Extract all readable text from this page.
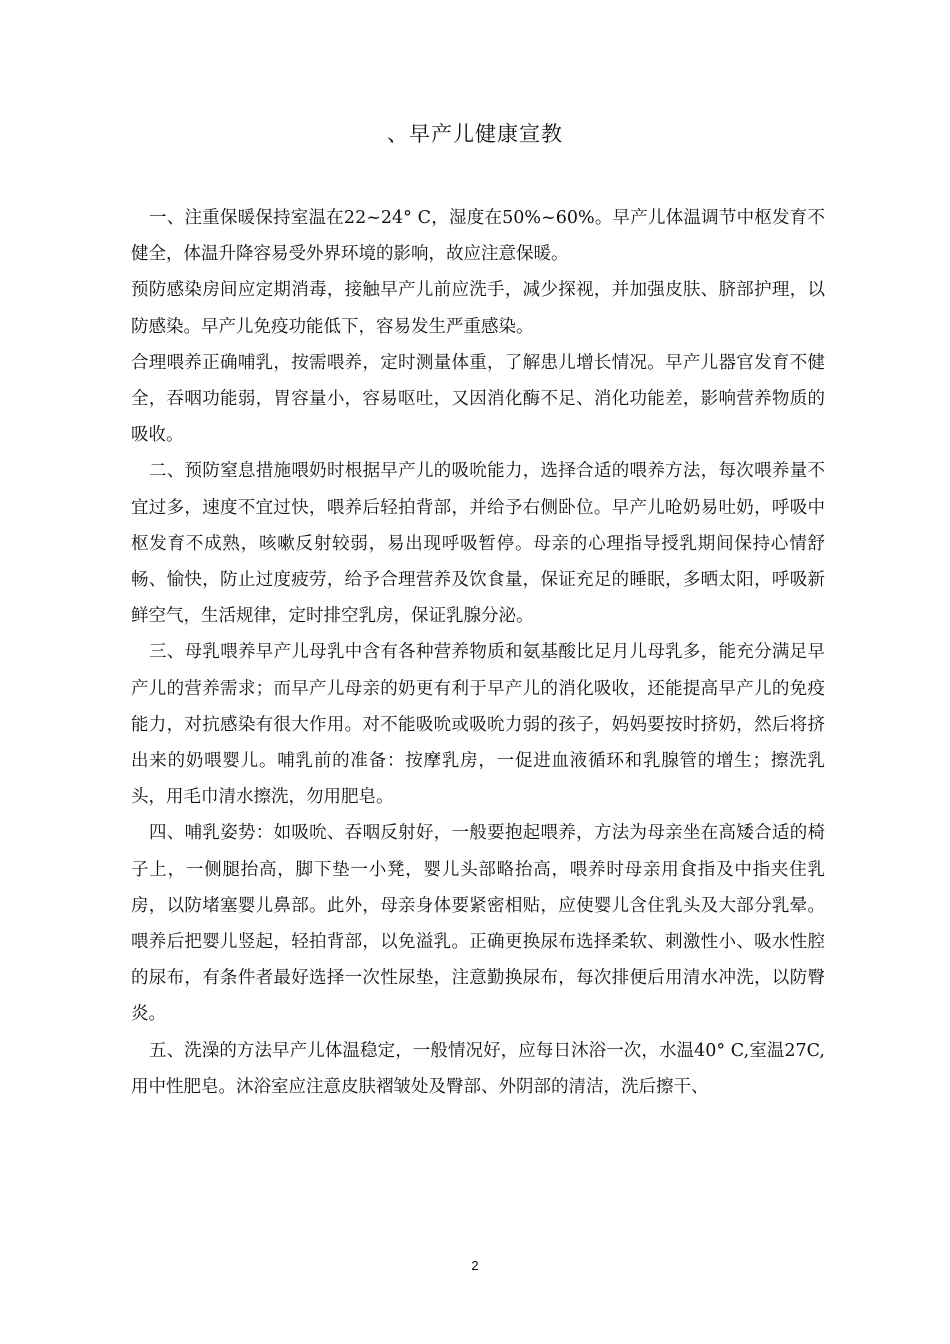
、早产儿健康宣教

一、注重保暖保持室温在22~24° C，湿度在50%~60%。早产儿体温调节中枢发育不健全，体温升降容易受外界环境的影响，故应注意保暖。

预防感染房间应定期消毒，接触早产儿前应洗手，减少探视，并加强皮肤、脐部护理，以防感染。早产儿免疫功能低下，容易发生严重感染。

合理喂养正确哺乳，按需喂养，定时测量体重，了解患儿增长情况。早产儿器官发育不健全，吞咽功能弱，胃容量小，容易呕吐，又因消化酶不足、消化功能差，影响营养物质的吸收。

二、预防窒息措施喂奶时根据早产儿的吸吮能力，选择合适的喂养方法，每次喂养量不宜过多，速度不宜过快，喂养后轻拍背部，并给予右侧卧位。早产儿呛奶易吐奶，呼吸中枢发育不成熟，咳嗽反射较弱，易出现呼吸暂停。母亲的心理指导授乳期间保持心情舒畅、愉快，防止过度疲劳，给予合理营养及饮食量，保证充足的睡眠，多晒太阳，呼吸新鲜空气，生活规律，定时排空乳房，保证乳腺分泌。

三、母乳喂养早产儿母乳中含有各种营养物质和氨基酸比足月儿母乳多，能充分满足早产儿的营养需求；而早产儿母亲的奶更有利于早产儿的消化吸收，还能提高早产儿的免疫能力，对抗感染有很大作用。对不能吸吮或吸吮力弱的孩子，妈妈要按时挤奶，然后将挤出来的奶喂婴儿。哺乳前的准备：按摩乳房，一促进血液循环和乳腺管的增生；擦洗乳头，用毛巾清水擦洗，勿用肥皂。

四、哺乳姿势：如吸吮、吞咽反射好，一般要抱起喂养，方法为母亲坐在高矮合适的椅子上，一侧腿抬高，脚下垫一小凳，婴儿头部略抬高，喂养时母亲用食指及中指夹住乳房，以防堵塞婴儿鼻部。此外，母亲身体要紧密相贴，应使婴儿含住乳头及大部分乳晕。喂养后把婴儿竖起，轻拍背部，以免溢乳。正确更换尿布选择柔软、刺激性小、吸水性腔的尿布，有条件者最好选择一次性尿垫，注意勤换尿布，每次排便后用清水冲洗，以防臀炎。

五、洗澡的方法早产儿体温稳定，一般情况好，应每日沐浴一次，水温40° C,室温27C,用中性肥皂。沐浴室应注意皮肤褶皱处及臀部、外阴部的清洁，洗后擦干、

2
